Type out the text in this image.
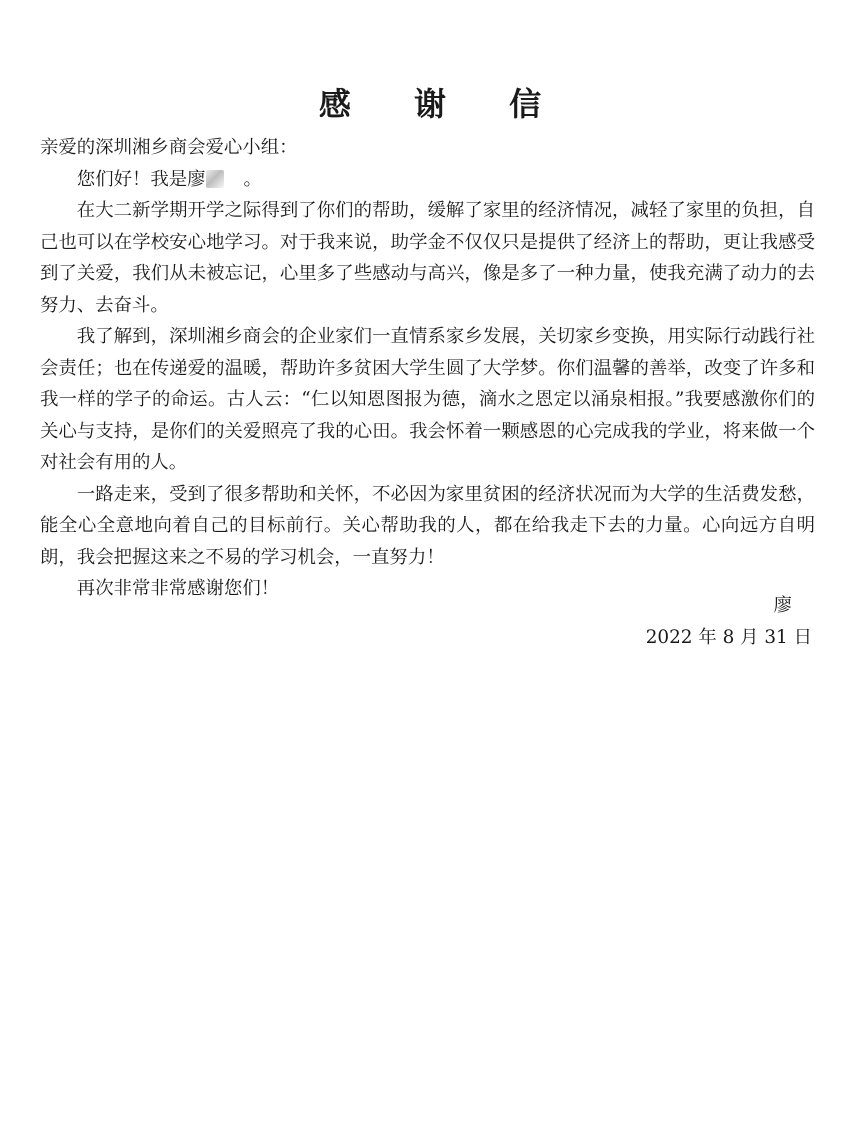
感 谢 信

亲爱的深圳湘乡商会爱心小组：

您们好！我是廖 。

在大二新学期开学之际得到了你们的帮助，缓解了家里的经济情况，减轻了家里的负担，自己也可以在学校安心地学习。对于我来说，助学金不仅仅只是提供了经济上的帮助，更让我感受到了关爱，我们从未被忘记，心里多了些感动与高兴，像是多了一种力量，使我充满了动力的去努力、去奋斗。

我了解到，深圳湘乡商会的企业家们一直情系家乡发展，关切家乡变换，用实际行动践行社会责任；也在传递爱的温暖，帮助许多贫困大学生圆了大学梦。你们温馨的善举，改变了许多和我一样的学子的命运。古人云：“仁以知恩图报为德，滴水之恩定以涌泉相报。”我要感激你们的关心与支持，是你们的关爱照亮了我的心田。我会怀着一颗感恩的心完成我的学业，将来做一个对社会有用的人。

一路走来，受到了很多帮助和关怀，不必因为家里贫困的经济状况而为大学的生活费发愁，能全心全意地向着自己的目标前行。关心帮助我的人，都在给我走下去的力量。心向远方自明朗，我会把握这来之不易的学习机会，一直努力！

再次非常非常感谢您们！

廖
2022 年 8 月 31 日
